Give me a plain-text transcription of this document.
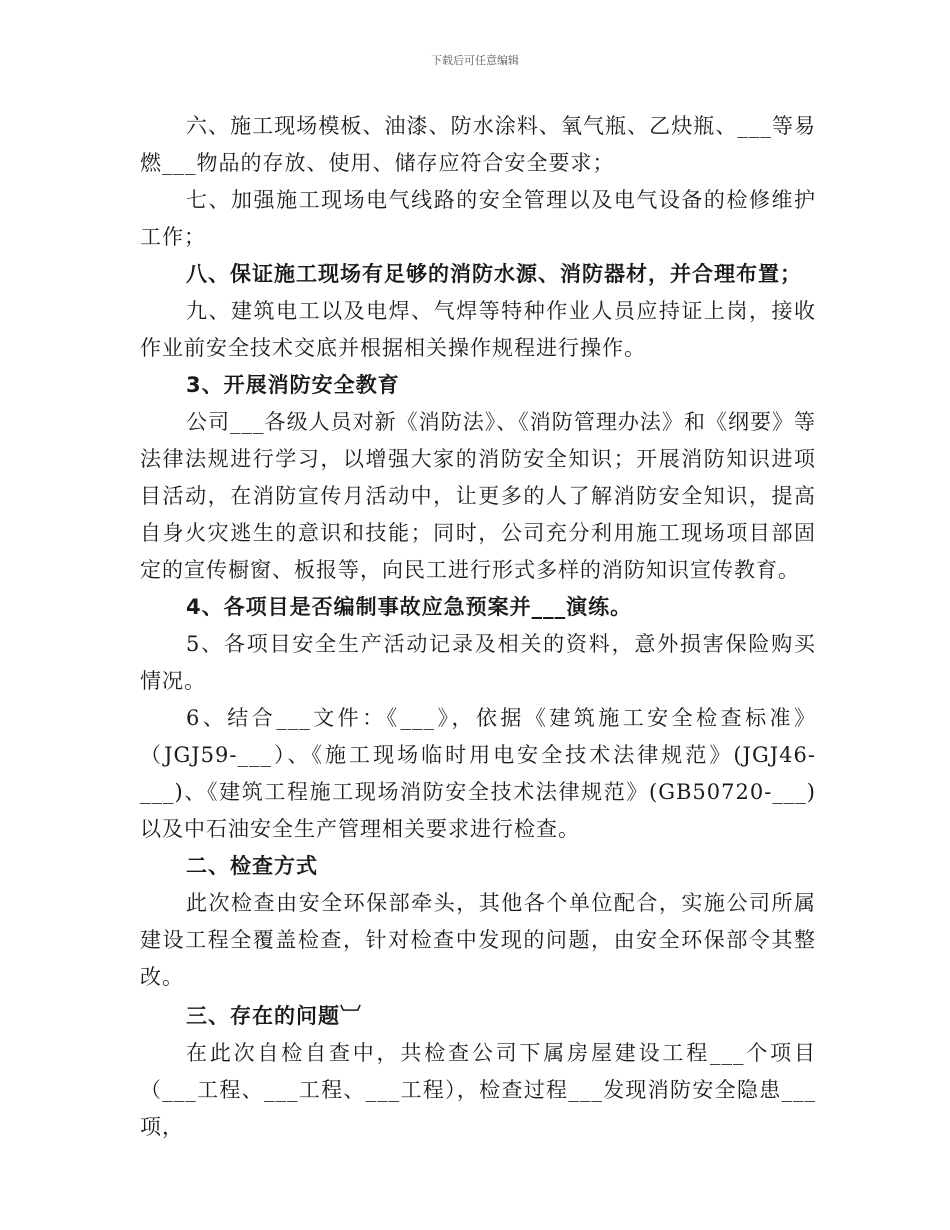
下载后可任意编辑

六、施工现场模板、油漆、防水涂料、氧气瓶、乙炔瓶、___等易燃___物品的存放、使用、储存应符合安全要求；

七、加强施工现场电气线路的安全管理以及电气设备的检修维护工作；

八、保证施工现场有足够的消防水源、消防器材，并合理布置；

九、建筑电工以及电焊、气焊等特种作业人员应持证上岗，接收作业前安全技术交底并根据相关操作规程进行操作。

3、开展消防安全教育

公司___各级人员对新《消防法》、《消防管理办法》和《纲要》等法律法规进行学习，以增强大家的消防安全知识；开展消防知识进项目活动，在消防宣传月活动中，让更多的人了解消防安全知识，提高自身火灾逃生的意识和技能；同时，公司充分利用施工现场项目部固定的宣传橱窗、板报等，向民工进行形式多样的消防知识宣传教育。

4、各项目是否编制事故应急预案并___演练。

5、各项目安全生产活动记录及相关的资料，意外损害保险购买情况。

6、结合___文件：《___》，依据《建筑施工安全检查标准》（JGJ59-___）、《施工现场临时用电安全技术法律规范》(JGJ46-___)、《建筑工程施工现场消防安全技术法律规范》(GB50720-___)以及中石油安全生产管理相关要求进行检查。

二、检查方式

此次检查由安全环保部牵头，其他各个单位配合，实施公司所属建设工程全覆盖检查，针对检查中发现的问题，由安全环保部令其整改。

三、存在的问题︺

在此次自检自查中，共检查公司下属房屋建设工程___个项目（___工程、___工程、___工程），检查过程___发现消防安全隐患___项，
